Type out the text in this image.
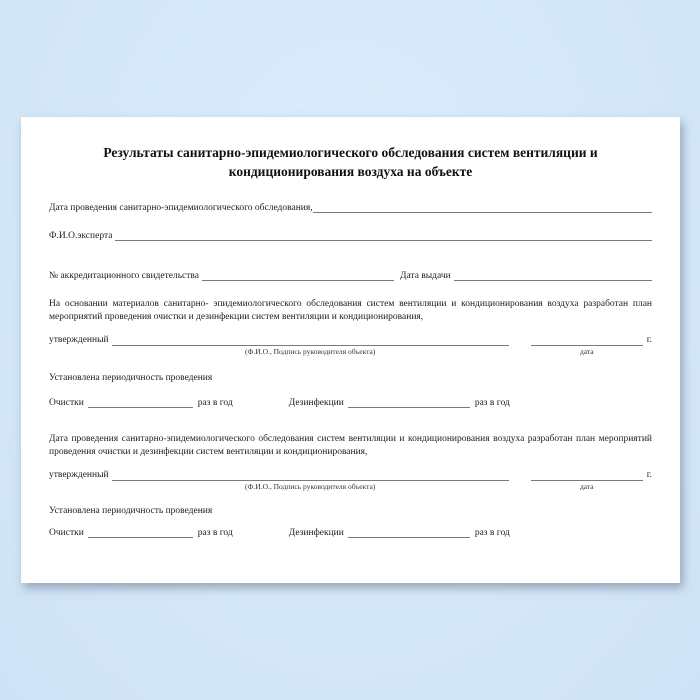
Результаты санитарно-эпидемиологического обследования систем вентиляции и кондиционирования воздуха на объекте
Дата проведения санитарно-эпидемиологического обследования,
Ф.И.О.эксперта
№ аккредитационного свидетельства	Дата выдачи
На основании материалов санитарно- эпидемиологического обследования систем вентиляции и кондиционирования воздуха разработан план мероприятий проведения очистки и дезинфекции систем вентиляции и кондиционирования,
утвержденный
(Ф.И.О., Подпись руководителя объекта)	дата
г.
Установлена периодичность проведения
Очистки	раз в год	Дезинфекции	раз в год
Дата проведения санитарно-эпидемиологического обследования систем вентиляции и кондиционирования воздуха разработан план мероприятий проведения очистки и дезинфекции систем вентиляции и кондиционирования,
утвержденный
(Ф.И.О., Подпись руководителя объекта)	дата
г.
Установлена периодичность проведения
Очистки	раз в год	Дезинфекции	раз в год
